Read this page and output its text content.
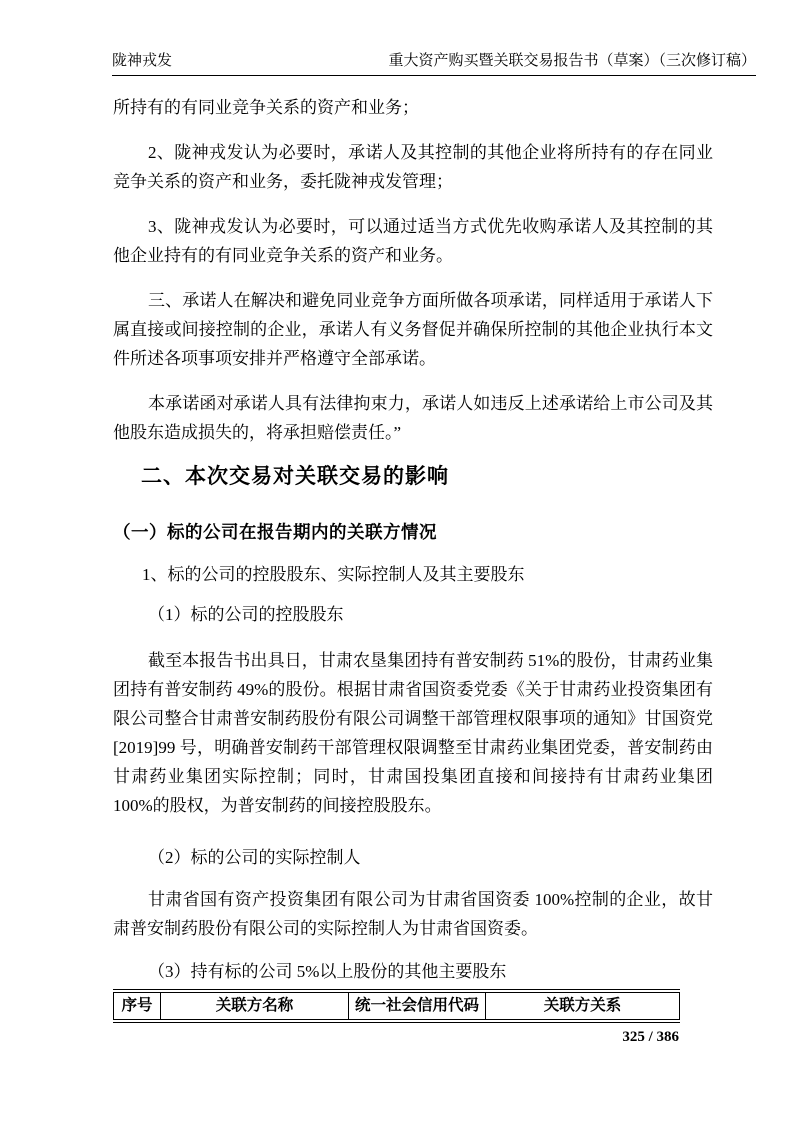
陇神戎发	重大资产购买暨关联交易报告书（草案）（三次修订稿）

所持有的有同业竞争关系的资产和业务；

2、陇神戎发认为必要时，承诺人及其控制的其他企业将所持有的存在同业竞争关系的资产和业务，委托陇神戎发管理；

3、陇神戎发认为必要时，可以通过适当方式优先收购承诺人及其控制的其他企业持有的有同业竞争关系的资产和业务。

三、承诺人在解决和避免同业竞争方面所做各项承诺，同样适用于承诺人下属直接或间接控制的企业，承诺人有义务督促并确保所控制的其他企业执行本文件所述各项事项安排并严格遵守全部承诺。

本承诺函对承诺人具有法律拘束力，承诺人如违反上述承诺给上市公司及其他股东造成损失的，将承担赔偿责任。”

二、本次交易对关联交易的影响
（一）标的公司在报告期内的关联方情况
1、标的公司的控股股东、实际控制人及其主要股东
（1）标的公司的控股股东

截至本报告书出具日，甘肃农垦集团持有普安制药 51%的股份，甘肃药业集团持有普安制药 49%的股份。根据甘肃省国资委党委《关于甘肃药业投资集团有限公司整合甘肃普安制药股份有限公司调整干部管理权限事项的通知》甘国资党[2019]99 号，明确普安制药干部管理权限调整至甘肃药业集团党委，普安制药由甘肃药业集团实际控制；同时，甘肃国投集团直接和间接持有甘肃药业集团 100%的股权，为普安制药的间接控股股东。

（2）标的公司的实际控制人

甘肃省国有资产投资集团有限公司为甘肃省国资委 100%控制的企业，故甘肃普安制药股份有限公司的实际控制人为甘肃省国资委。

（3）持有标的公司 5%以上股份的其他主要股东
序号	关联方名称	统一社会信用代码	关联方关系
325 / 386
